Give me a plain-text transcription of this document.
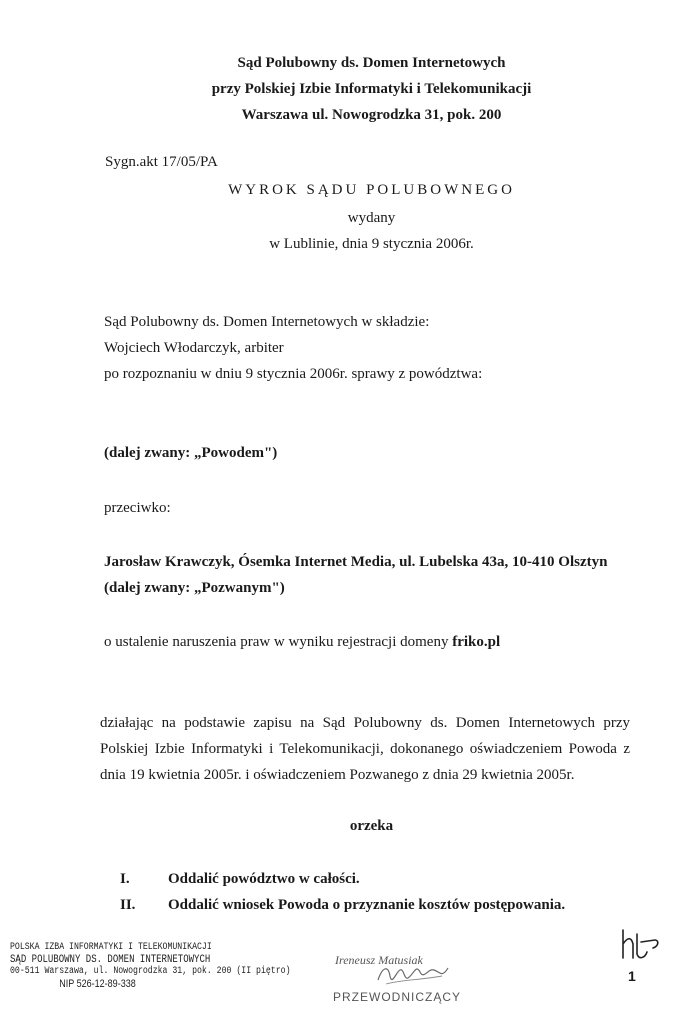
Sąd Polubowny ds. Domen Internetowych
przy Polskiej Izbie Informatyki i Telekomunikacji
Warszawa ul. Nowogrodzka 31, pok. 200
Sygn.akt 17/05/PA
WYROK SĄDU POLUBOWNEGO
wydany
w Lublinie, dnia 9 stycznia 2006r.
Sąd Polubowny ds. Domen Internetowych w składzie:
Wojciech Włodarczyk, arbiter
po rozpoznaniu w dniu 9 stycznia 2006r. sprawy z powództwa:
(dalej zwany: „Powodem")
przeciwko:
Jarosław Krawczyk, Ósemka Internet Media, ul. Lubelska 43a, 10-410 Olsztyn
(dalej zwany: „Pozwanym")
o ustalenie naruszenia praw w wyniku rejestracji domeny friko.pl
działając na podstawie zapisu na Sąd Polubowny ds. Domen Internetowych przy Polskiej Izbie Informatyki i Telekomunikacji, dokonanego oświadczeniem Powoda z dnia 19 kwietnia 2005r. i oświadczeniem Pozwanego z dnia 29 kwietnia 2005r.
orzeka
I.	Oddalić powództwo w całości.
II. Oddalić wniosek Powoda o przyznanie kosztów postępowania.
POLSKA IZBA INFORMATYKI I TELEKOMUNIKACJI
SĄD POLUBOWNY DS. DOMEN INTERNETOWYCH
00-511 Warszawa, ul. Nowogrodzka 31, pok. 200 (II piętro)
NIP 526-12-89-338
Ireneusz Matusiak
PRZEWODNICZĄCY
1
